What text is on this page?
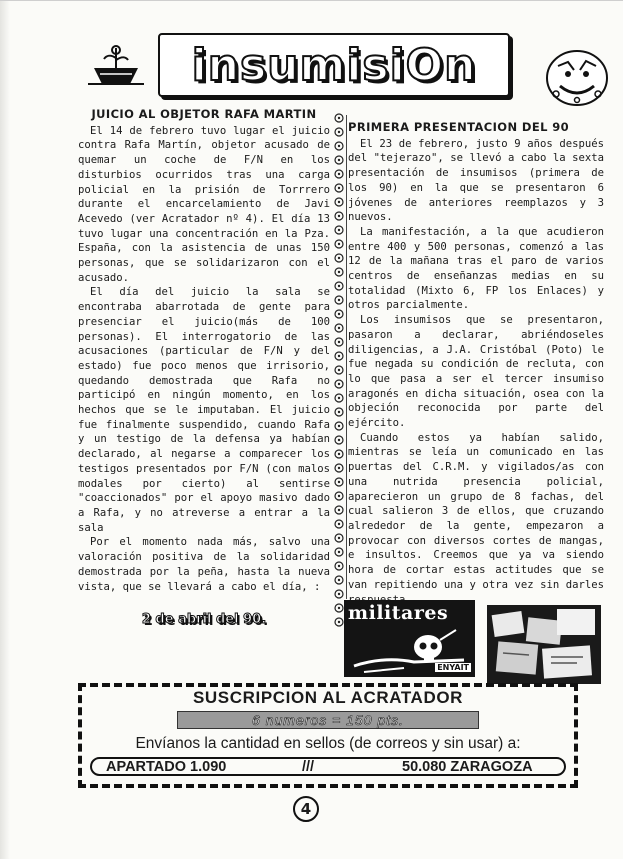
insumisiOn
JUICIO AL OBJETOR RAFA MARTIN

El 14 de febrero tuvo lugar el juicio contra Rafa Martín, objetor acusado de quemar un coche de F/N en los disturbios ocurridos tras una carga policial en la prisión de Torrrero durante el encarcelamiento de Javi Acevedo (ver Acratador nº 4). El día 13 tuvo lugar una concentración en la Pza. España, con la asistencia de unas 150 personas, que se solidarizaron con el acusado.

El día del juicio la sala se encontraba abarrotada de gente para presenciar el juicio(más de 100 personas). El interrogatorio de las acusaciones (particular de F/N y del estado) fue poco menos que irrisorio, quedando demostrada que Rafa no participó en ningún momento, en los hechos que se le imputaban. El juicio fue finalmente suspendido, cuando Rafa y un testigo de la defensa ya habían declarado, al negarse a comparecer los testigos presentados por F/N (con malos modales por cierto) al sentirse "coaccionados" por el apoyo masivo dado a Rafa, y no atreverse a entrar a la sala

Por el momento nada más, salvo una valoración positiva de la solidaridad demostrada por la peña, hasta la nueva vista, que se llevará a cabo el día, :

2 de abril del 90.
PRIMERA PRESENTACION DEL 90

El 23 de febrero, justo 9 años después del "tejerazo", se llevó a cabo la sexta presentación de insumisos (primera de los 90) en la que se presentaron 6 jóvenes de anteriores reemplazos y 3 nuevos.

La manifestación, a la que acudieron entre 400 y 500 personas, comenzó a las 12 de la mañana tras el paro de varios centros de enseñanzas medias en su totalidad (Mixto 6, FP los Enlaces) y otros parcialmente.

Los insumisos que se presentaron, pasaron a declarar, abriéndoseles diligencias, a J.A. Cristóbal (Poto) le fue negada su condición de recluta, con lo que pasa a ser el tercer insumiso aragonés en dicha situación, osea con la objeción reconocida por parte del ejército.

Cuando estos ya habían salido, mientras se leía un comunicado en las puertas del C.R.M. y vigilados/as con una nutrida presencia policial, aparecieron un grupo de 8 fachas, del cual salieron 3 de ellos, que cruzando alrededor de la gente, empezaron a provocar con diversos cortes de mangas, e insultos. Creemos que ya va siendo hora de cortar estas actitudes que se van repitiendo una y otra vez sin darles

militares
ENYAIT
SUSCRIPCION AL ACRATADOR
6 numeros = 150 pts.
Envíanos la cantidad en sellos (de correos y sin usar) a:
APARTADO 1.090	///	50.080 ZARAGOZA
4
